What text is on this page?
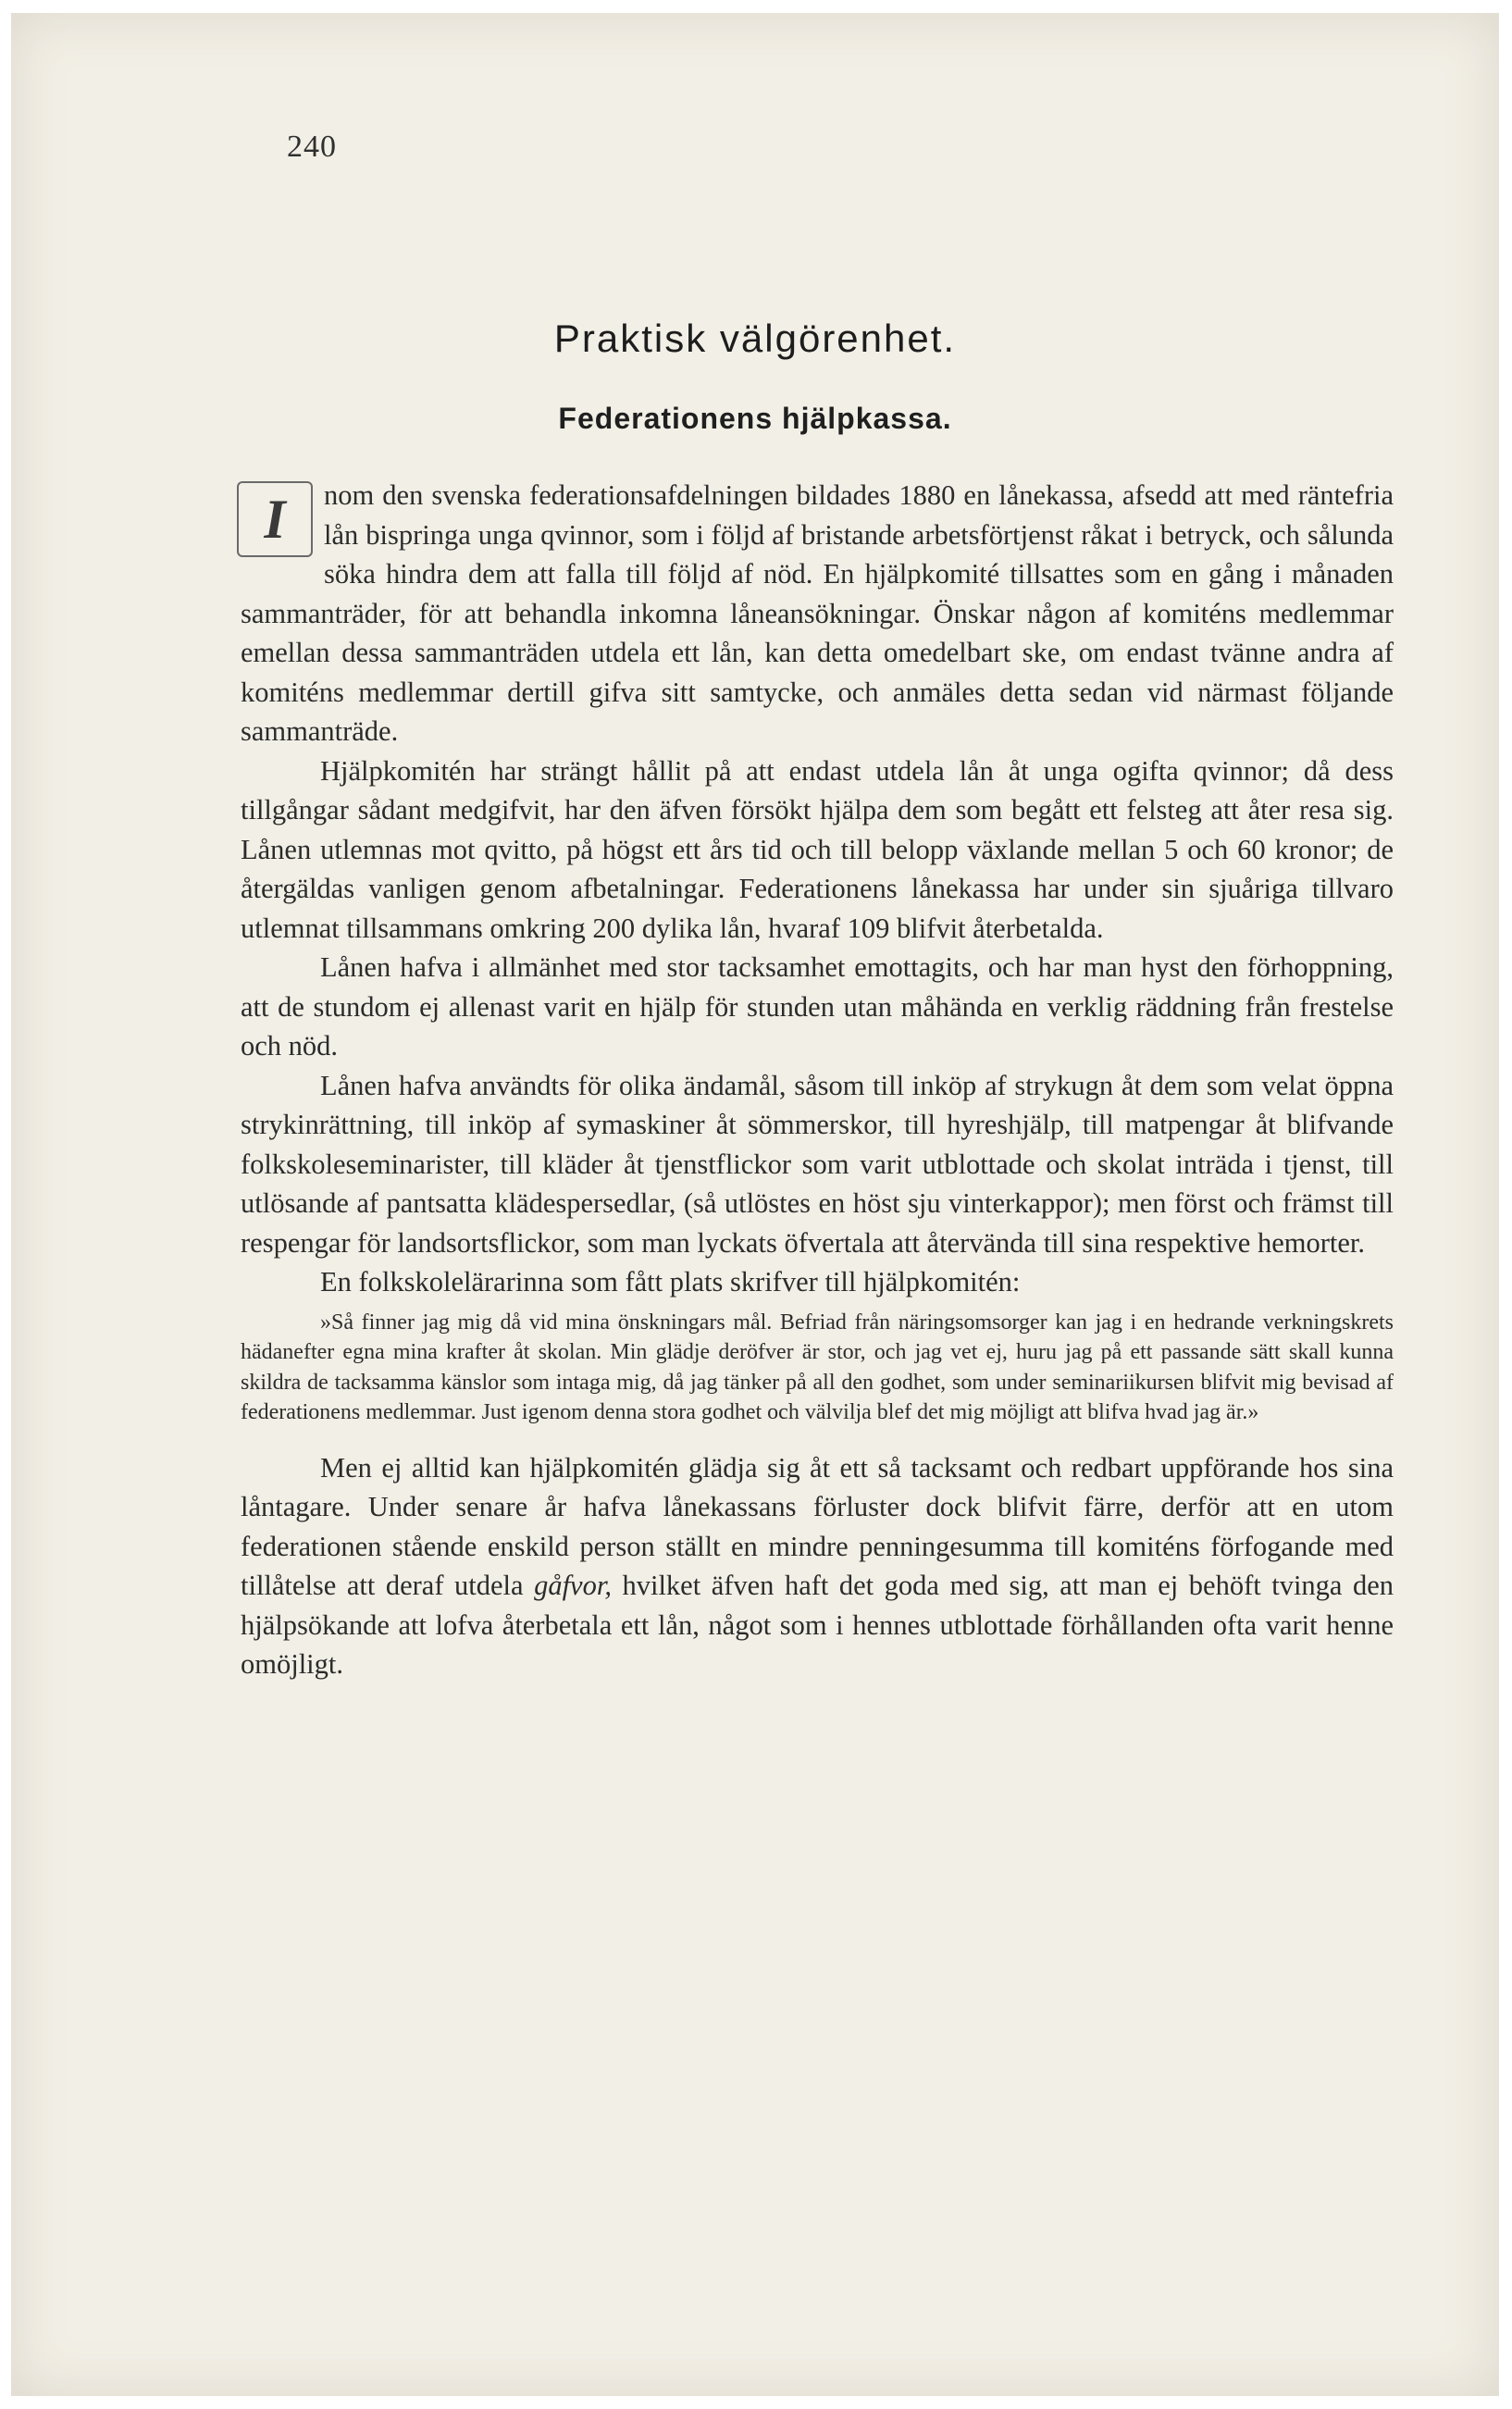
240
Praktisk välgörenhet.
Federationens hjälpkassa.

I	nom den svenska federationsafdelningen bildades 1880 en lånekassa, afsedd att med räntefria lån bispringa unga qvinnor, som i följd af bristande arbetsförtjenst råkat i betryck, och sålunda söka hindra dem att falla till följd af nöd. En hjälpkomité tillsattes som en gång i månaden sammanträder, för att behandla inkomna låneansökningar. Önskar någon af komiténs medlemmar emellan dessa sammanträden utdela ett lån, kan detta omedelbart ske, om endast tvänne andra af komiténs medlemmar dertill gifva sitt samtycke, och anmäles detta sedan vid närmast följande sammanträde.

Hjälpkomitén har strängt hållit på att endast utdela lån åt unga ogifta qvinnor; då dess tillgångar sådant medgifvit, har den äfven försökt hjälpa dem som begått ett felsteg att åter resa sig. Lånen utlemnas mot qvitto, på högst ett års tid och till belopp växlande mellan 5 och 60 kronor; de återgäldas vanligen genom afbetalningar. Federationens lånekassa har under sin sjuåriga tillvaro utlemnat tillsammans omkring 200 dylika lån, hvaraf 109 blifvit återbetalda.

Lånen hafva i allmänhet med stor tacksamhet emottagits, och har man hyst den förhoppning, att de stundom ej allenast varit en hjälp för stunden utan måhända en verklig räddning från frestelse och nöd.

Lånen hafva användts för olika ändamål, såsom till inköp af strykugn åt dem som velat öppna strykinrättning, till inköp af symaskiner åt sömmerskor, till hyreshjälp, till matpengar åt blifvande folkskoleseminarister, till kläder åt tjenstflickor som varit utblottade och skolat inträda i tjenst, till utlösande af pantsatta klädespersedlar, (så utlöstes en höst sju vinterkappor); men först och främst till respengar för landsortsflickor, som man lyckats öfvertala att återvända till sina respektive hemorter.

En folkskolelärarinna som fått plats skrifver till hjälpkomitén:

»Så finner jag mig då vid mina önskningars mål. Befriad från näringsomsorger kan jag i en hedrande verkningskrets hädanefter egna mina krafter åt skolan. Min glädje deröfver är stor, och jag vet ej, huru jag på ett passande sätt skall kunna skildra de tacksamma känslor som intaga mig, då jag tänker på all den godhet, som under seminariikursen blifvit mig bevisad af federationens medlemmar. Just igenom denna stora godhet och välvilja blef det mig möjligt att blifva hvad jag är.»

Men ej alltid kan hjälpkomitén glädja sig åt ett så tacksamt och redbart uppförande hos sina låntagare. Under senare år hafva lånekassans förluster dock blifvit färre, derför att en utom federationen stående enskild person ställt en mindre penningesumma till komiténs förfogande med tillåtelse att deraf utdela gåfvor, hvilket äfven haft det goda med sig, att man ej behöft tvinga den hjälpsökande att lofva återbetala ett lån, något som i hennes utblottade förhållanden ofta varit henne omöjligt.
